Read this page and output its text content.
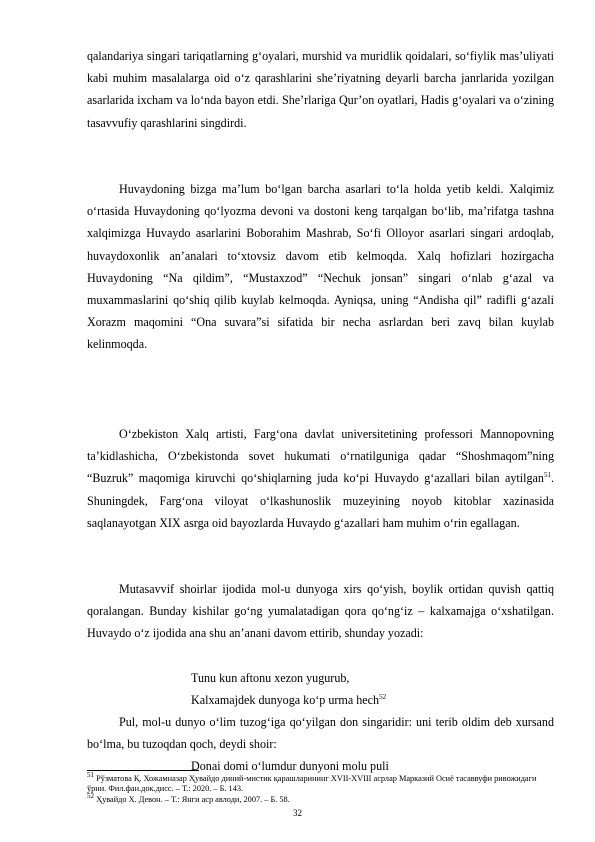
qalandariya singari tariqatlarning g‘oyalari, murshid va muridlik qoidalari, so‘fiylik mas’uliyati kabi muhim masalalarga oid o‘z qarashlarini she’riyatning deyarli barcha janrlarida yozilgan asarlarida ixcham va lo‘nda bayon etdi. She’rlariga Qur’on oyatlari, Hadis g‘oyalari va o‘zining tasavvufiy qarashlarini singdirdi.

Huvaydoning bizga ma’lum bo‘lgan barcha asarlari to‘la holda yetib keldi. Xalqimiz o‘rtasida Huvaydoning qo‘lyozma devoni va dostoni keng tarqalgan bo‘lib, ma’rifatga tashna xalqimizga Huvaydo asarlarini Boborahim Mashrab, So‘fi Olloyor asarlari singari ardoqlab, huvaydoxonlik an’analari to‘xtovsiz davom etib kelmoqda. Xalq hofizlari hozirgacha Huvaydoning “Na qildim”, “Mustaxzod” “Nechuk jonsan” singari o‘nlab g‘azal va muxammaslarini qo‘shiq qilib kuylab kelmoqda. Ayniqsa, uning “Andisha qil” radifli g‘azali Xorazm maqomini “Ona suvara”si sifatida bir necha asrlardan beri zavq bilan kuylab kelinmoqda.

O‘zbekiston Xalq artisti, Farg‘ona davlat universitetining professori Mannopovning ta’kidlashicha, O‘zbekistonda sovet hukumati o‘rnatilguniga qadar “Shoshmaqom”ning “Buzruk” maqomiga kiruvchi qo‘shiqlarning juda ko‘pi Huvaydo g‘azallari bilan aytilgan$^{51}$. Shuningdek, Farg‘ona viloyat o‘lkashunoslik muzeyining noyob kitoblar xazinasida saqlanayotgan XIX asrga oid bayozlarda Huvaydo g‘azallari ham muhim o‘rin egallagan.

Mutasavvif shoirlar ijodida mol-u dunyoga xirs qo‘yish, boylik ortidan quvish qattiq qoralangan. Bunday kishilar go‘ng yumalatadigan qora qo‘ng‘iz – kalxamajga o‘xshatilgan. Huvaydo o‘z ijodida ana shu an’anani davom ettirib, shunday yozadi:

Tunu kun aftonu xezon yugurub,

Kalxamajdek dunyoga ko‘p urma hech$^{52}$

Pul, mol-u dunyo o‘lim tuzog‘iga qo‘yilgan don singaridir: uni terib oldim deb xursand bo‘lma, bu tuzoqdan qoch, deydi shoir:

Donai domi o‘lumdur dunyoni molu puli

$^{51}$ Рўзматова Қ. Хожамназар Ҳувайдо диний-мистик қарашларининг XVII-XVIII асрлар Марказий Осиё тасаввуфи ривожидаги ўрни. Фил.фан.док.дисс. – Т.: 2020. – Б. 143.

$^{52}$ Ҳувайдо Х. Девон. – Т.: Янги аср авлоди, 2007. – Б. 58.

32
